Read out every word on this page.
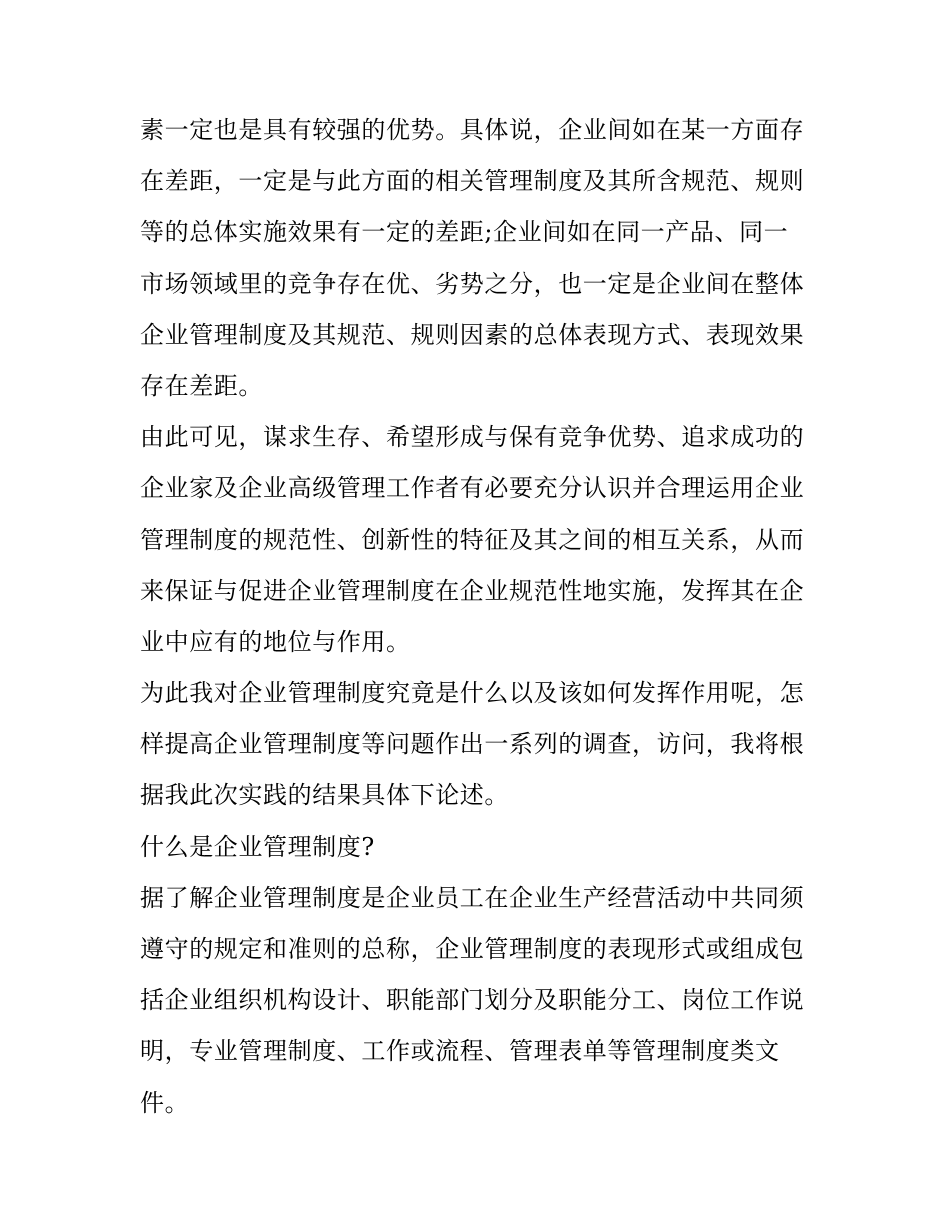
素一定也是具有较强的优势。具体说，企业间如在某一方面存
在差距，一定是与此方面的相关管理制度及其所含规范、规则
等的总体实施效果有一定的差距;企业间如在同一产品、同一
市场领域里的竞争存在优、劣势之分，也一定是企业间在整体
企业管理制度及其规范、规则因素的总体表现方式、表现效果
存在差距。
由此可见，谋求生存、希望形成与保有竞争优势、追求成功的
企业家及企业高级管理工作者有必要充分认识并合理运用企业
管理制度的规范性、创新性的特征及其之间的相互关系，从而
来保证与促进企业管理制度在企业规范性地实施，发挥其在企
业中应有的地位与作用。
为此我对企业管理制度究竟是什么以及该如何发挥作用呢，怎
样提高企业管理制度等问题作出一系列的调查，访问，我将根
据我此次实践的结果具体下论述。
什么是企业管理制度?
据了解企业管理制度是企业员工在企业生产经营活动中共同须
遵守的规定和准则的总称，企业管理制度的表现形式或组成包
括企业组织机构设计、职能部门划分及职能分工、岗位工作说
明，专业管理制度、工作或流程、管理表单等管理制度类文
件。
